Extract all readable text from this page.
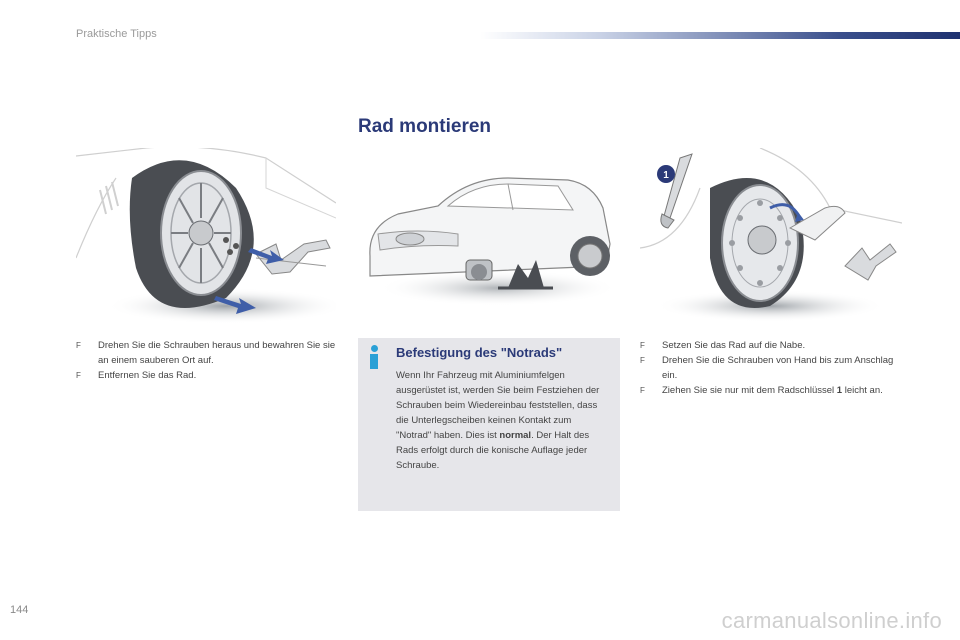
Praktische Tipps
Rad montieren
1
F	Drehen Sie die Schrauben heraus und bewahren Sie sie an einem sauberen Ort auf.
F	Entfernen Sie das Rad.
Befestigung des "Notrads"
Wenn Ihr Fahrzeug mit Aluminiumfelgen ausgerüstet ist, werden Sie beim Festziehen der Schrauben beim Wiedereinbau feststellen, dass die Unterlegscheiben keinen Kontakt zum "Notrad" haben. Dies ist normal. Der Halt des Rads erfolgt durch die konische Auflage jeder Schraube.
F	Setzen Sie das Rad auf die Nabe.
F	Drehen Sie die Schrauben von Hand bis zum Anschlag ein.
F	Ziehen Sie sie nur mit dem Radschlüssel 1 leicht an.
144	carmanualsonline.info
